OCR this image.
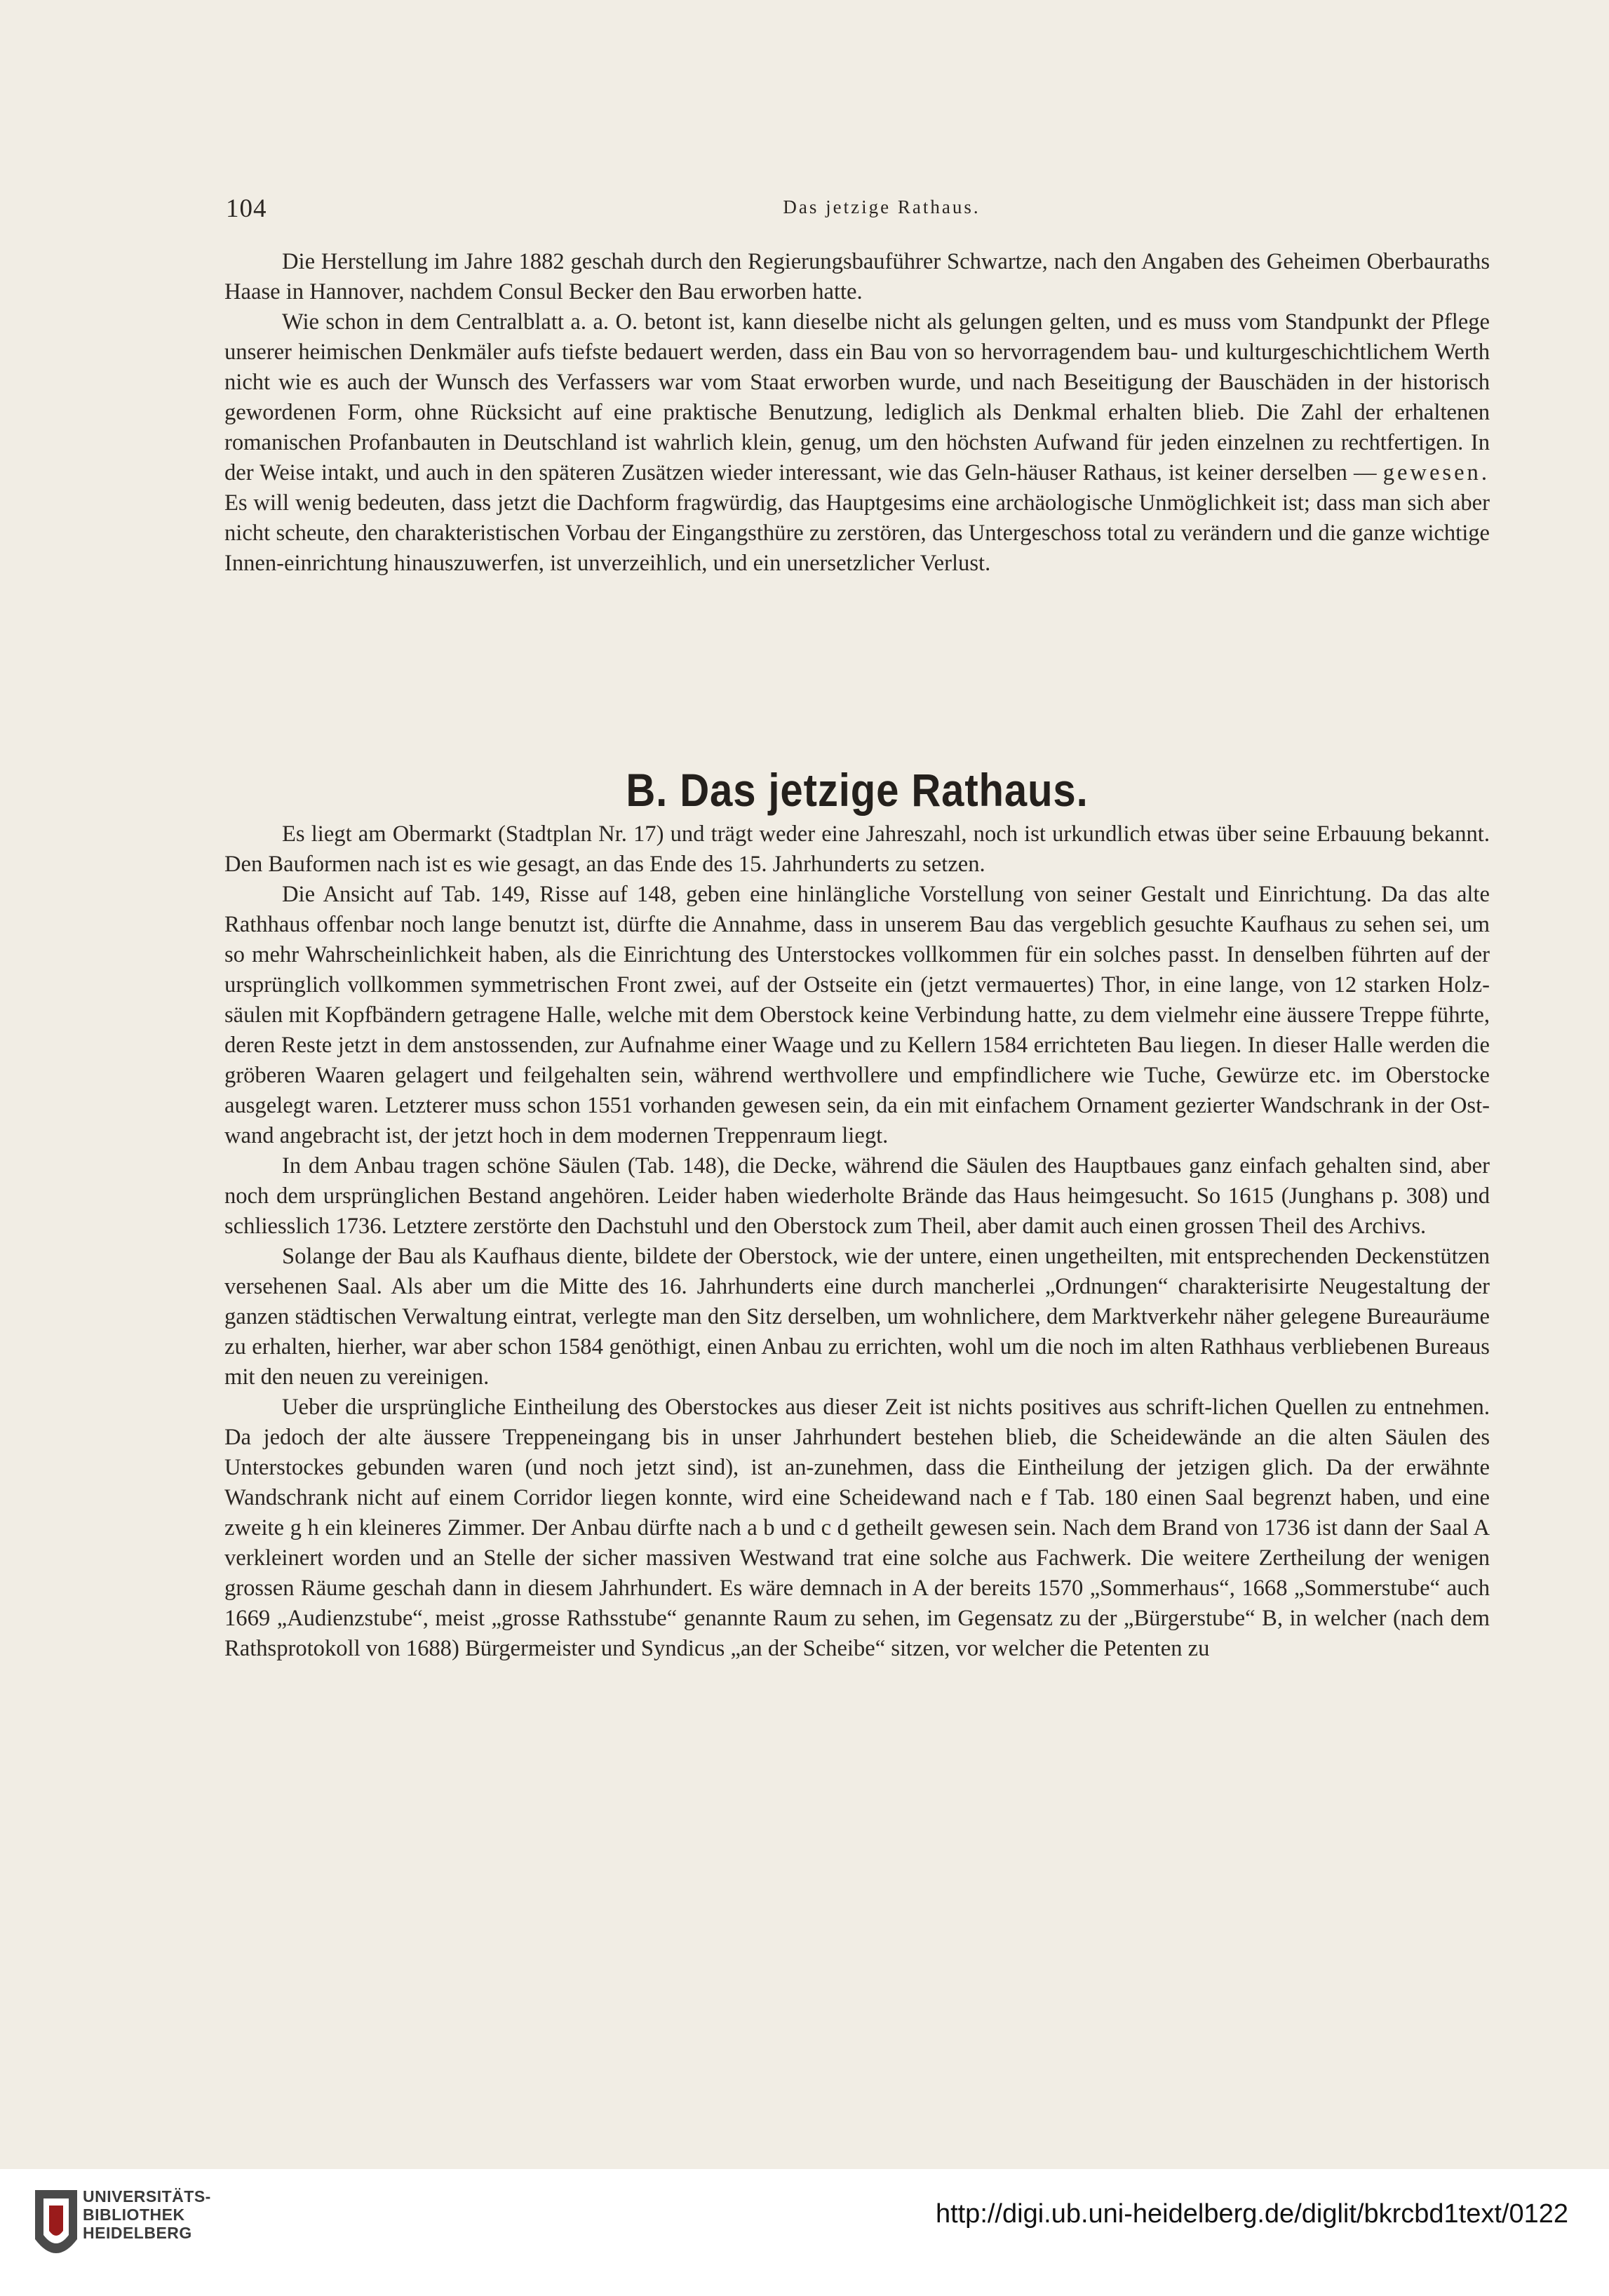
104	Das jetzige Rathaus.

Die Herstellung im Jahre 1882 geschah durch den Regierungsbauführer Schwartze, nach den Angaben des Geheimen Oberbauraths Haase in Hannover, nachdem Consul Becker den Bau erworben hatte.

Wie schon in dem Centralblatt a. a. O. betont ist, kann dieselbe nicht als gelungen gelten, und es muss vom Standpunkt der Pflege unserer heimischen Denkmäler aufs tiefste bedauert werden, dass ein Bau von so hervorragendem bau- und kulturgeschichtlichem Werth nicht wie es auch der Wunsch des Verfassers war vom Staat erworben wurde, und nach Beseitigung der Bauschäden in der historisch gewordenen Form, ohne Rücksicht auf eine praktische Benutzung, lediglich als Denkmal erhalten blieb. Die Zahl der erhaltenen romanischen Profanbauten in Deutschland ist wahrlich klein, genug, um den höchsten Aufwand für jeden einzelnen zu rechtfertigen. In der Weise intakt, und auch in den späteren Zusätzen wieder interessant, wie das Geln-häuser Rathaus, ist keiner derselben — gewesen. Es will wenig bedeuten, dass jetzt die Dachform fragwürdig, das Hauptgesims eine archäologische Unmöglichkeit ist; dass man sich aber nicht scheute, den charakteristischen Vorbau der Eingangsthüre zu zerstören, das Untergeschoss total zu verändern und die ganze wichtige Innen-einrichtung hinauszuwerfen, ist unverzeihlich, und ein unersetzlicher Verlust.

B. Das jetzige Rathaus.

Es liegt am Obermarkt (Stadtplan Nr. 17) und trägt weder eine Jahreszahl, noch ist urkundlich etwas über seine Erbauung bekannt. Den Bauformen nach ist es wie gesagt, an das Ende des 15. Jahrhunderts zu setzen.

Die Ansicht auf Tab. 149, Risse auf 148, geben eine hinlängliche Vorstellung von seiner Gestalt und Einrichtung. Da das alte Rathhaus offenbar noch lange benutzt ist, dürfte die Annahme, dass in unserem Bau das vergeblich gesuchte Kaufhaus zu sehen sei, um so mehr Wahrscheinlichkeit haben, als die Einrichtung des Unterstockes vollkommen für ein solches passt. In denselben führten auf der ursprünglich vollkommen symmetrischen Front zwei, auf der Ostseite ein (jetzt vermauertes) Thor, in eine lange, von 12 starken Holz-säulen mit Kopfbändern getragene Halle, welche mit dem Oberstock keine Verbindung hatte, zu dem vielmehr eine äussere Treppe führte, deren Reste jetzt in dem anstossenden, zur Aufnahme einer Waage und zu Kellern 1584 errichteten Bau liegen. In dieser Halle werden die gröberen Waaren gelagert und feilgehalten sein, während werthvollere und empfindlichere wie Tuche, Gewürze etc. im Oberstocke ausgelegt waren. Letzterer muss schon 1551 vorhanden gewesen sein, da ein mit einfachem Ornament gezierter Wandschrank in der Ost-wand angebracht ist, der jetzt hoch in dem modernen Treppenraum liegt.

In dem Anbau tragen schöne Säulen (Tab. 148), die Decke, während die Säulen des Hauptbaues ganz einfach gehalten sind, aber noch dem ursprünglichen Bestand angehören. Leider haben wiederholte Brände das Haus heimgesucht. So 1615 (Junghans p. 308) und schliesslich 1736. Letztere zerstörte den Dachstuhl und den Oberstock zum Theil, aber damit auch einen grossen Theil des Archivs.

Solange der Bau als Kaufhaus diente, bildete der Oberstock, wie der untere, einen ungetheilten, mit entsprechenden Deckenstützen versehenen Saal. Als aber um die Mitte des 16. Jahrhunderts eine durch mancherlei „Ordnungen“ charakterisirte Neugestaltung der ganzen städtischen Verwaltung eintrat, verlegte man den Sitz derselben, um wohnlichere, dem Marktverkehr näher gelegene Bureauräume zu erhalten, hierher, war aber schon 1584 genöthigt, einen Anbau zu errichten, wohl um die noch im alten Rathhaus verbliebenen Bureaus mit den neuen zu vereinigen.

Ueber die ursprüngliche Eintheilung des Oberstockes aus dieser Zeit ist nichts positives aus schrift-lichen Quellen zu entnehmen. Da jedoch der alte äussere Treppeneingang bis in unser Jahrhundert bestehen blieb, die Scheidewände an die alten Säulen des Unterstockes gebunden waren (und noch jetzt sind), ist an-zunehmen, dass die Eintheilung der jetzigen glich. Da der erwähnte Wandschrank nicht auf einem Corridor liegen konnte, wird eine Scheidewand nach e f Tab. 180 einen Saal begrenzt haben, und eine zweite g h ein kleineres Zimmer. Der Anbau dürfte nach a b und c d getheilt gewesen sein. Nach dem Brand von 1736 ist dann der Saal A verkleinert worden und an Stelle der sicher massiven Westwand trat eine solche aus Fachwerk. Die weitere Zertheilung der wenigen grossen Räume geschah dann in diesem Jahrhundert. Es wäre demnach in A der bereits 1570 „Sommerhaus“, 1668 „Sommerstube“ auch 1669 „Audienzstube“, meist „grosse Rathsstube“ genannte Raum zu sehen, im Gegensatz zu der „Bürgerstube“ B, in welcher (nach dem Rathsprotokoll von 1688) Bürgermeister und Syndicus „an der Scheibe“ sitzen, vor welcher die Petenten zu

UNIVERSITÄTS-
BIBLIOTHEK
HEIDELBERG
http://digi.ub.uni-heidelberg.de/diglit/bkrcbd1text/0122
